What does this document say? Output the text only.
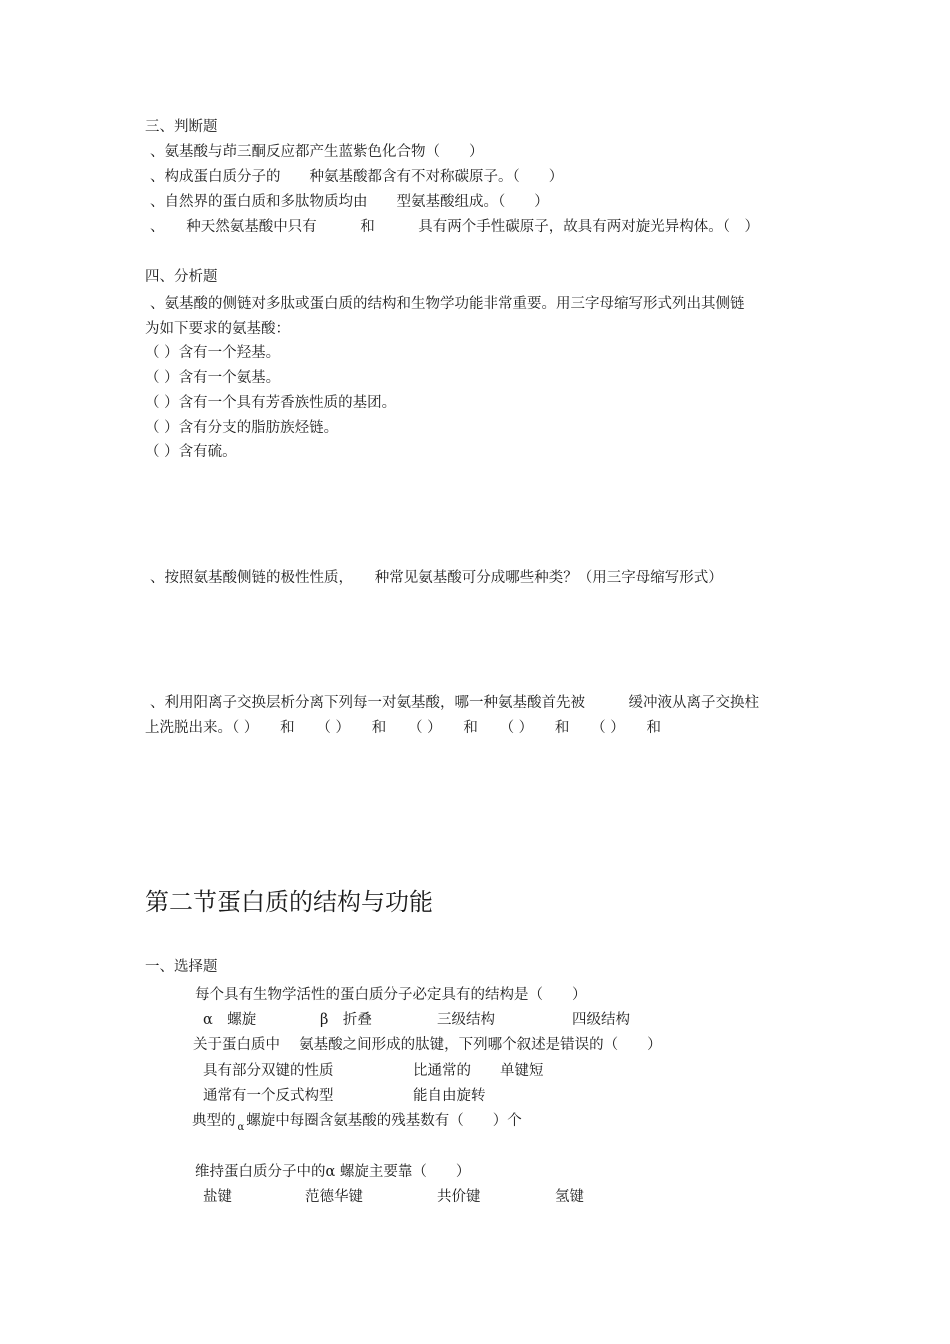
三、判断题
、氨基酸与茚三酮反应都产生蓝紫色化合物（　　）
、构成蛋白质分子的　　种氨基酸都含有不对称碳原子。（　　）
、自然界的蛋白质和多肽物质均由　　型氨基酸组成。（　　）
、　　种天然氨基酸中只有　　　和　　　具有两个手性碳原子，故具有两对旋光异构体。（　）
四、分析题
、氨基酸的侧链对多肽或蛋白质的结构和生物学功能非常重要。用三字母缩写形式列出其侧链
为如下要求的氨基酸：
（ ）含有一个羟基。
（ ）含有一个氨基。
（ ）含有一个具有芳香族性质的基团。
（ ）含有分支的脂肪族烃链。
（ ）含有硫。
、按照氨基酸侧链的极性性质，　　种常见氨基酸可分成哪些种类？（用三字母缩写形式）
、利用阳离子交换层析分离下列每一对氨基酸，哪一种氨基酸首先被　　　缓冲液从离子交换柱
上洗脱出来。（ ）　　和　　（ ）　　和　　（ ）　　和　　（ ）　　和　　（ ）　　和
第二节蛋白质的结构与功能
一、选择题
每个具有生物学活性的蛋白质分子必定具有的结构是（　　）
α　螺旋	β　折叠	三级结构	四级结构
关于蛋白质中　 氨基酸之间形成的肽键，下列哪个叙述是错误的（　　）
具有部分双键的性质	比通常的　　单键短
通常有一个反式构型	能自由旋转
典型的 $_\alpha$ 螺旋中每圈含氨基酸的残基数有（　　）个
维持蛋白质分子中的α 螺旋主要靠（　　）
盐键	范德华键	共价键	氢键
